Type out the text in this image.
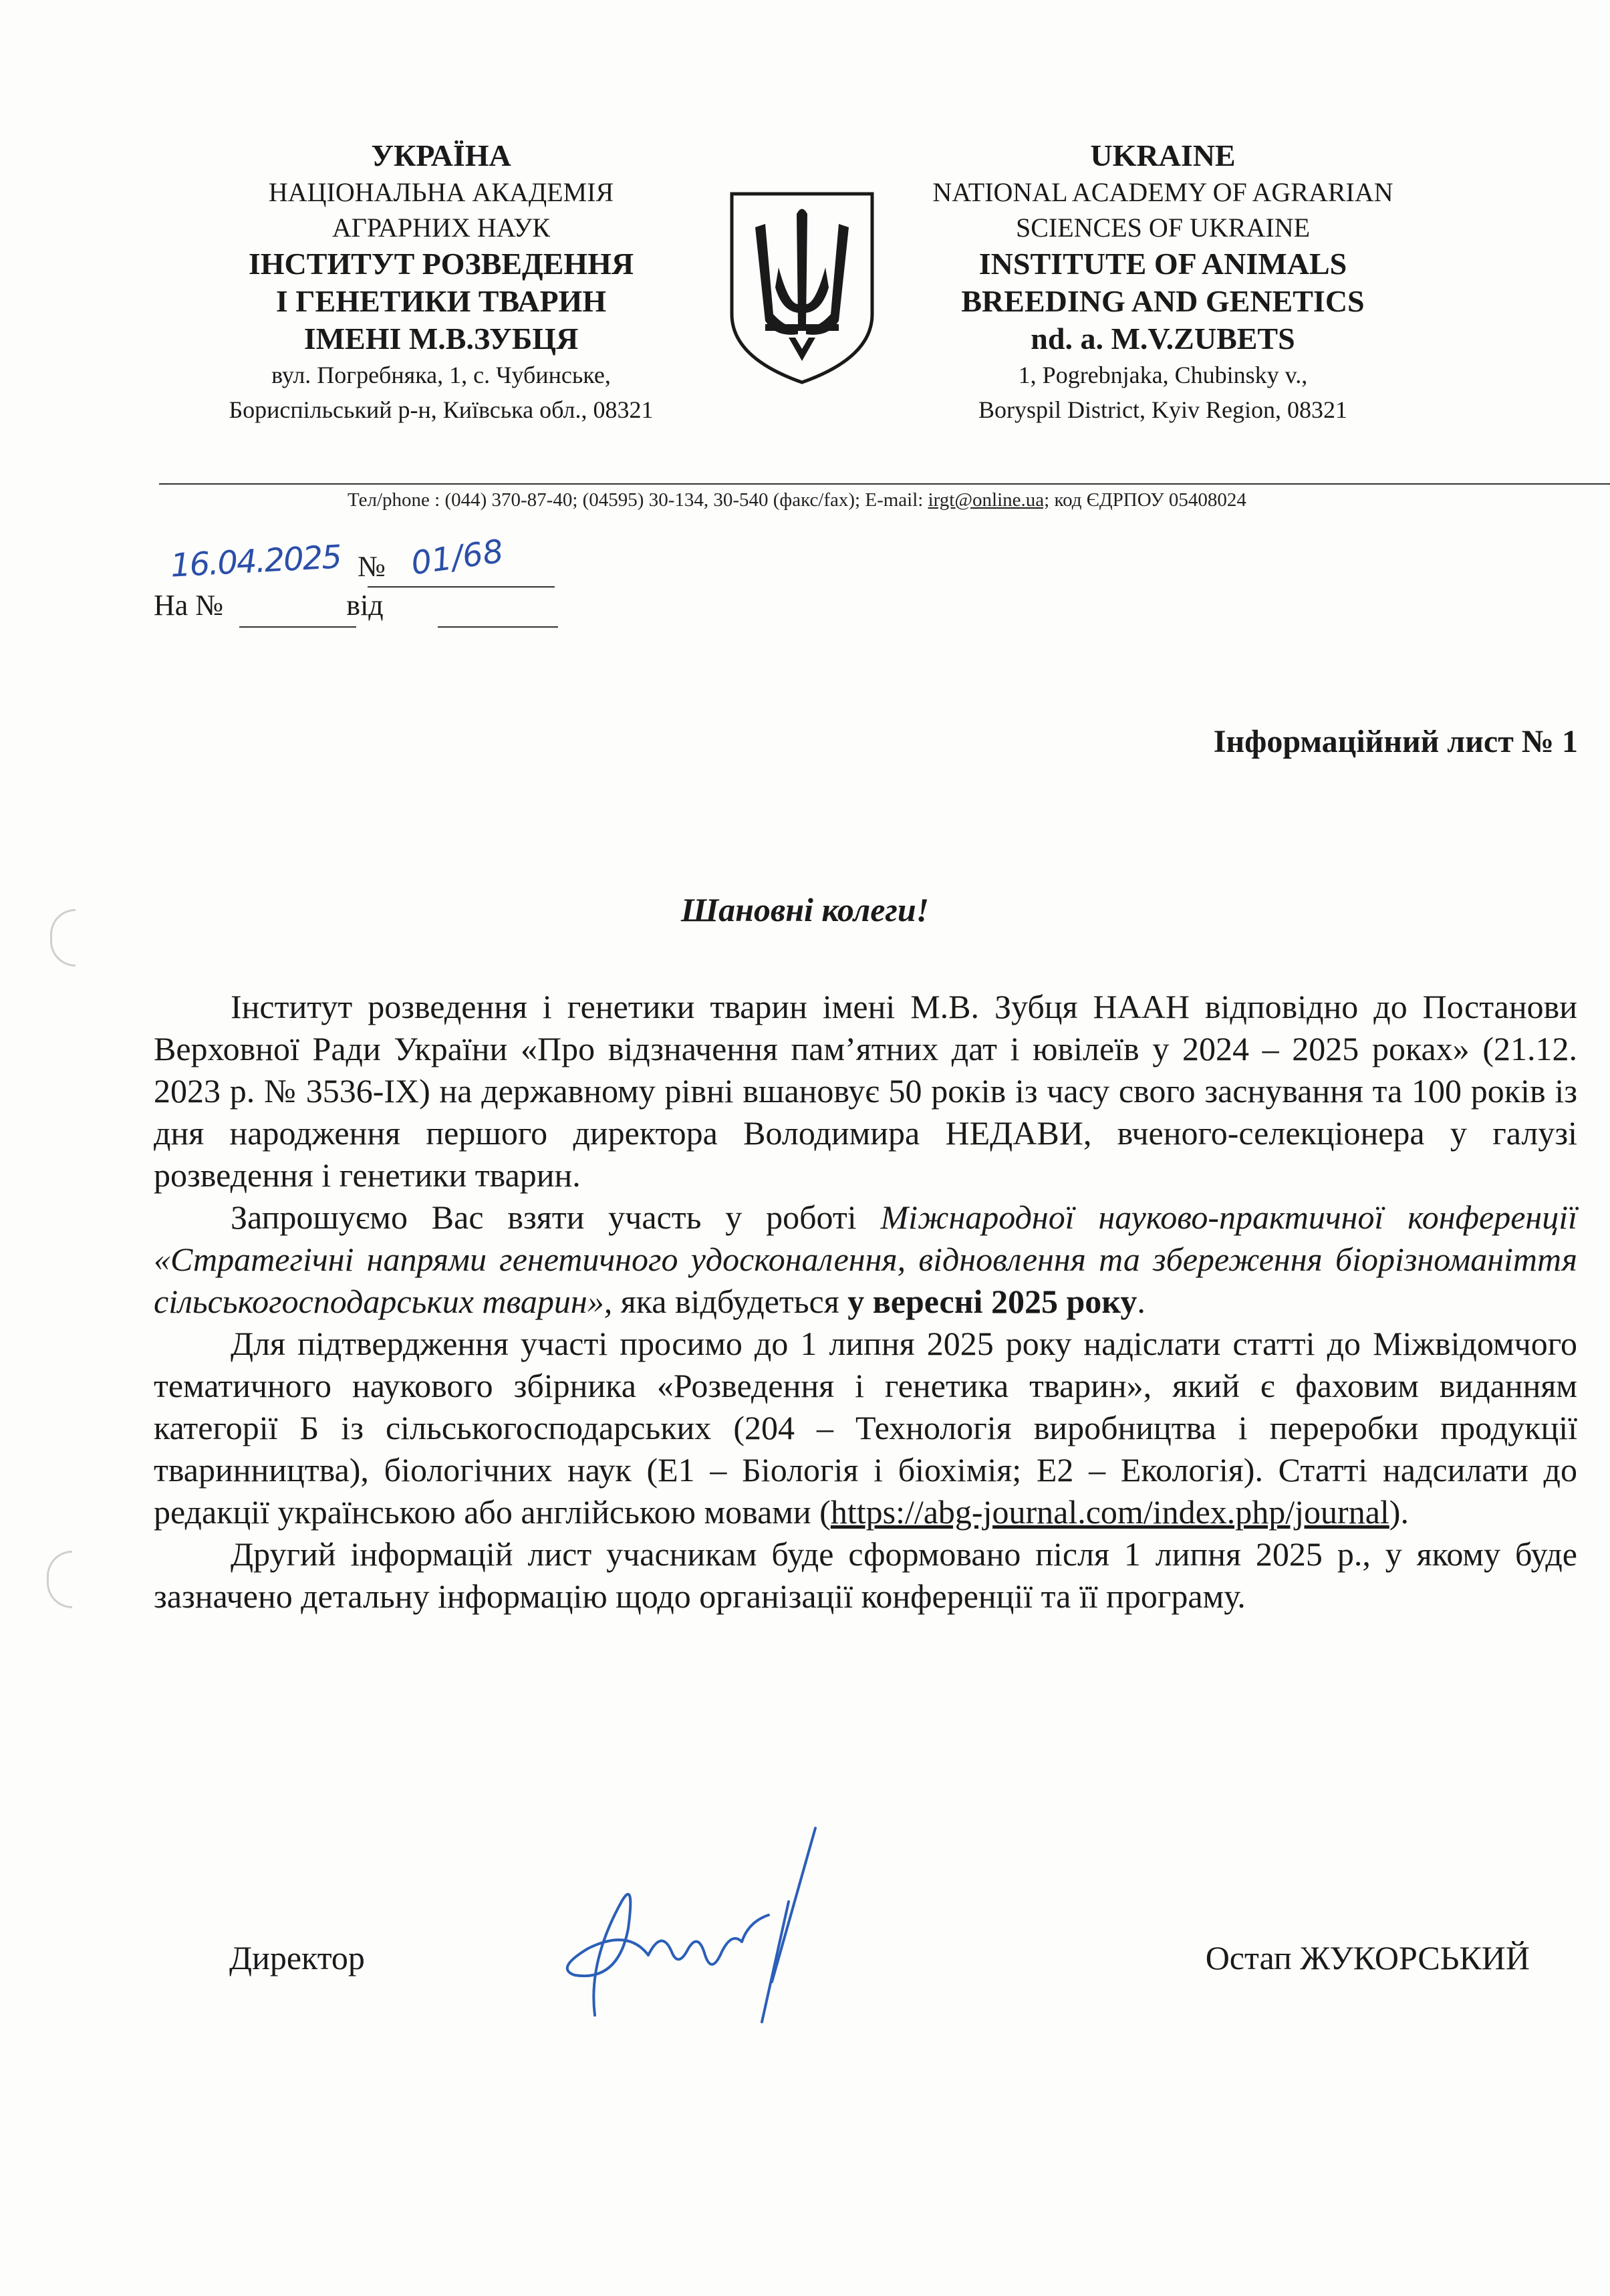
УКРАЇНА
НАЦІОНАЛЬНА АКАДЕМІЯ
АГРАРНИХ НАУК
ІНСТИТУТ РОЗВЕДЕННЯ
І ГЕНЕТИКИ ТВАРИН
ІМЕНІ М.В.ЗУБЦЯ
вул. Погребняка, 1, с. Чубинське,
Бориспільський р-н, Київська обл., 08321
UKRAINE
NATIONAL ACADEMY OF AGRARIAN
SCIENCES OF UKRAINE
INSTITUTE OF ANIMALS
BREEDING AND GENETICS
nd. a. M.V.ZUBETS
1, Pogrebnjaka, Chubinsky v.,
Boryspil District, Kyiv Region, 08321
Тел/phone : (044) 370-87-40; (04595) 30-134, 30-540 (факс/fax); E-mail: irgt@online.ua; код ЄДРПОУ 05408024
16.04.2025 № 01/68
На №	від
Інформаційний лист № 1
Шановні колеги!

Інститут розведення і генетики тварин імені М.В. Зубця НААН відповідно до Постанови Верховної Ради України «Про відзначення пам’ятних дат і ювілеїв у 2024 – 2025 роках» (21.12. 2023 р. № 3536-IX) на державному рівні вшановує 50 років із часу свого заснування та 100 років із дня народження першого директора Володимира НЕДАВИ, вченого-селекціонера у галузі розведення і генетики тварин.

Запрошуємо Вас взяти участь у роботі Міжнародної науково-практичної конференції «Стратегічні напрями генетичного удосконалення, відновлення та збереження біорізноманіття сільськогосподарських тварин», яка відбудеться у вересні 2025 року.

Для підтвердження участі просимо до 1 липня 2025 року надіслати статті до Міжвідомчого тематичного наукового збірника «Розведення і генетика тварин», який є фаховим виданням категорії Б із сільськогосподарських (204 – Технологія виробництва і переробки продукції тваринництва), біологічних наук (Е1 – Біологія і біохімія; Е2 – Екологія). Статті надсилати до редакції українською або англійською мовами (https://abg-journal.com/index.php/journal).

Другий інформацій лист учасникам буде сформовано після 1 липня 2025 р., у якому буде зазначено детальну інформацію щодо організації конференції та її програму.

Директор	Остап ЖУКОРСЬКИЙ
